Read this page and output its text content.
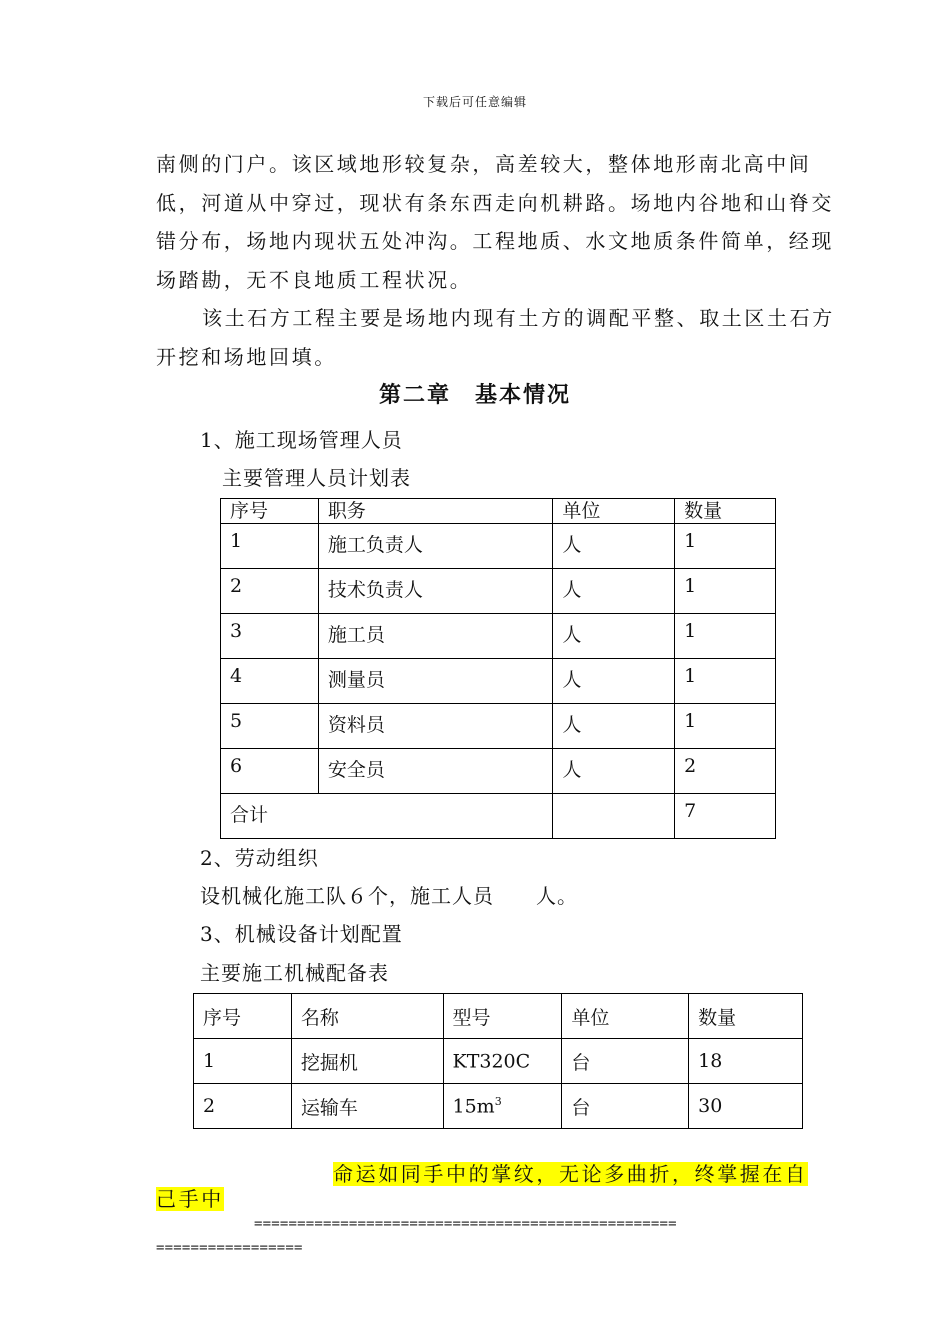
下载后可任意编辑

南侧的门户。该区域地形较复杂，高差较大，整体地形南北高中间低，河道从中穿过，现状有条东西走向机耕路。场地内谷地和山脊交错分布，场地内现状五处冲沟。工程地质、水文地质条件简单，经现场踏勘，无不良地质工程状况。

该土石方工程主要是场地内现有土方的调配平整、取土区土石方开挖和场地回填。

第二章　基本情况
1、施工现场管理人员
主要管理人员计划表
序号	职务	单位	数量
1	施工负责人	人	1
2	技术负责人	人	1
3	施工员	人	1
4	测量员	人	1
5	资料员	人	1
6	安全员	人	2
合计			7
2、劳动组织
设机械化施工队６个，施工人员　　人。
3、机械设备计划配置
主要施工机械配备表
序号	名称	型号	单位	数量
1	挖掘机	KT320C	台	18
2	运输车	$15m^3$	台	30
命运如同手中的掌纹，无论多曲折，终掌握在自
己手中
=================================================
=================
